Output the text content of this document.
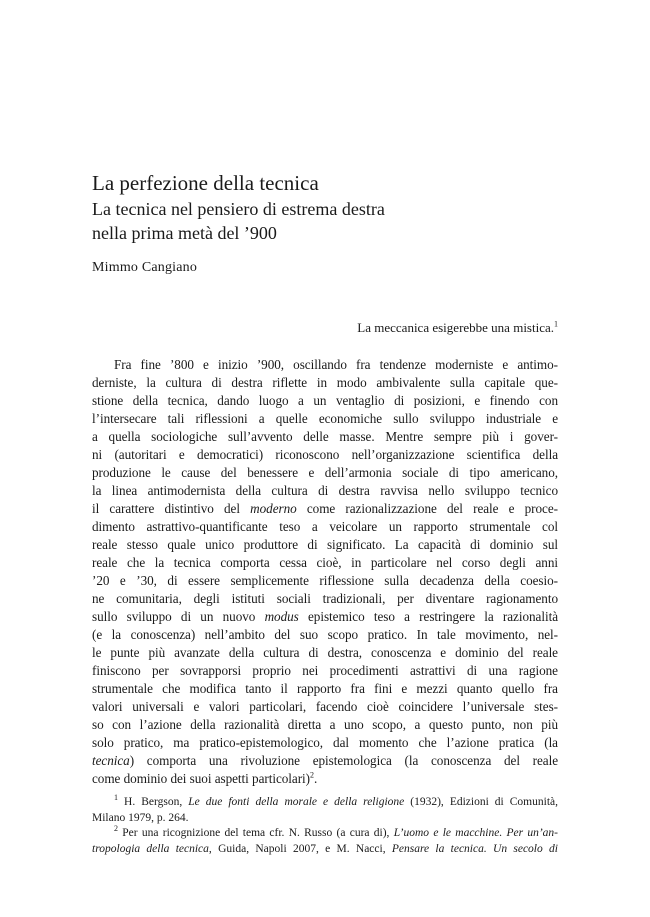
La perfezione della tecnica
La tecnica nel pensiero di estrema destra
nella prima metà del ’900
Mimmo Cangiano
La meccanica esigerebbe una mistica.$^1$
Fra fine ’800 e inizio ’900, oscillando fra tendenze moderniste e antimo-
derniste, la cultura di destra riflette in modo ambivalente sulla capitale que-
stione della tecnica, dando luogo a un ventaglio di posizioni, e finendo con
l’intersecare tali riflessioni a quelle economiche sullo sviluppo industriale e
a quella sociologiche sull’avvento delle masse. Mentre sempre più i gover-
ni (autoritari e democratici) riconoscono nell’organizzazione scientifica della
produzione le cause del benessere e dell’armonia sociale di tipo americano,
la linea antimodernista della cultura di destra ravvisa nello sviluppo tecnico
il carattere distintivo del moderno come razionalizzazione del reale e proce-
dimento astrattivo-quantificante teso a veicolare un rapporto strumentale col
reale stesso quale unico produttore di significato. La capacità di dominio sul
reale che la tecnica comporta cessa cioè, in particolare nel corso degli anni
’20 e ’30, di essere semplicemente riflessione sulla decadenza della coesio-
ne comunitaria, degli istituti sociali tradizionali, per diventare ragionamento
sullo sviluppo di un nuovo modus epistemico teso a restringere la razionalità
(e la conoscenza) nell’ambito del suo scopo pratico. In tale movimento, nel-
le punte più avanzate della cultura di destra, conoscenza e dominio del reale
finiscono per sovrapporsi proprio nei procedimenti astrattivi di una ragione
strumentale che modifica tanto il rapporto fra fini e mezzi quanto quello fra
valori universali e valori particolari, facendo cioè coincidere l’universale stes-
so con l’azione della razionalità diretta a uno scopo, a questo punto, non più
solo pratico, ma pratico-epistemologico, dal momento che l’azione pratica (la
tecnica) comporta una rivoluzione epistemologica (la conoscenza del reale
come dominio dei suoi aspetti particolari)$^2$.
$^1$ H. Bergson, Le due fonti della morale e della religione (1932), Edizioni di Comunità,
Milano 1979, p. 264.
$^2$ Per una ricognizione del tema cfr. N. Russo (a cura di), L’uomo e le macchine. Per un’an-
tropologia della tecnica, Guida, Napoli 2007, e M. Nacci, Pensare la tecnica. Un secolo di
